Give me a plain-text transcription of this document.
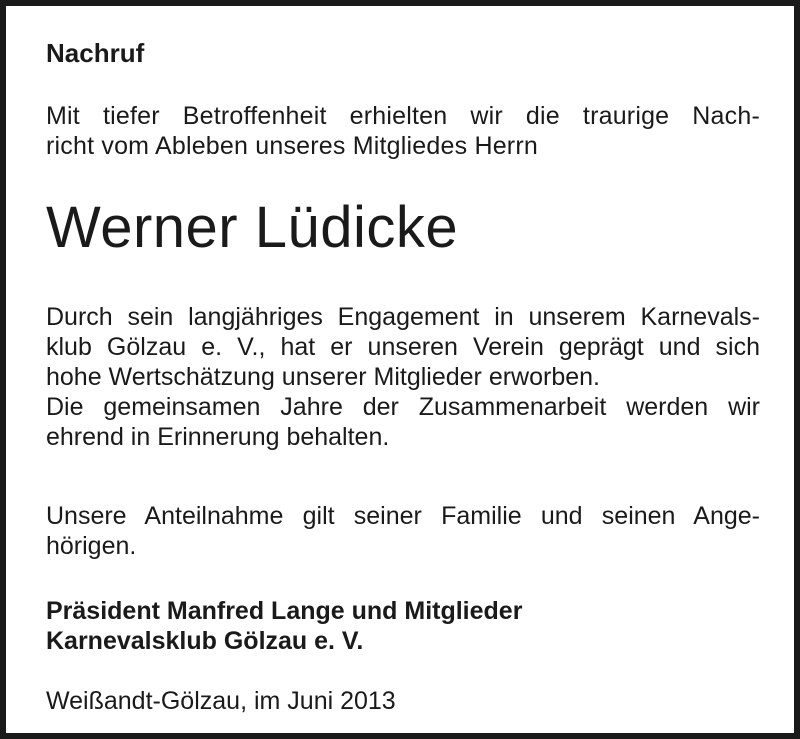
Nachruf
Mit tiefer Betroffenheit erhielten wir die traurige Nach-
richt vom Ableben unseres Mitgliedes Herrn
Werner Lüdicke
Durch sein langjähriges Engagement in unserem Karnevals-
klub Gölzau e. V., hat er unseren Verein geprägt und sich
hohe Wertschätzung unserer Mitglieder erworben.
Die gemeinsamen Jahre der Zusammenarbeit werden wir
ehrend in Erinnerung behalten.
Unsere Anteilnahme gilt seiner Familie und seinen Ange-
hörigen.
Präsident Manfred Lange und Mitglieder
Karnevalsklub Gölzau e. V.
Weißandt-Gölzau, im Juni 2013
